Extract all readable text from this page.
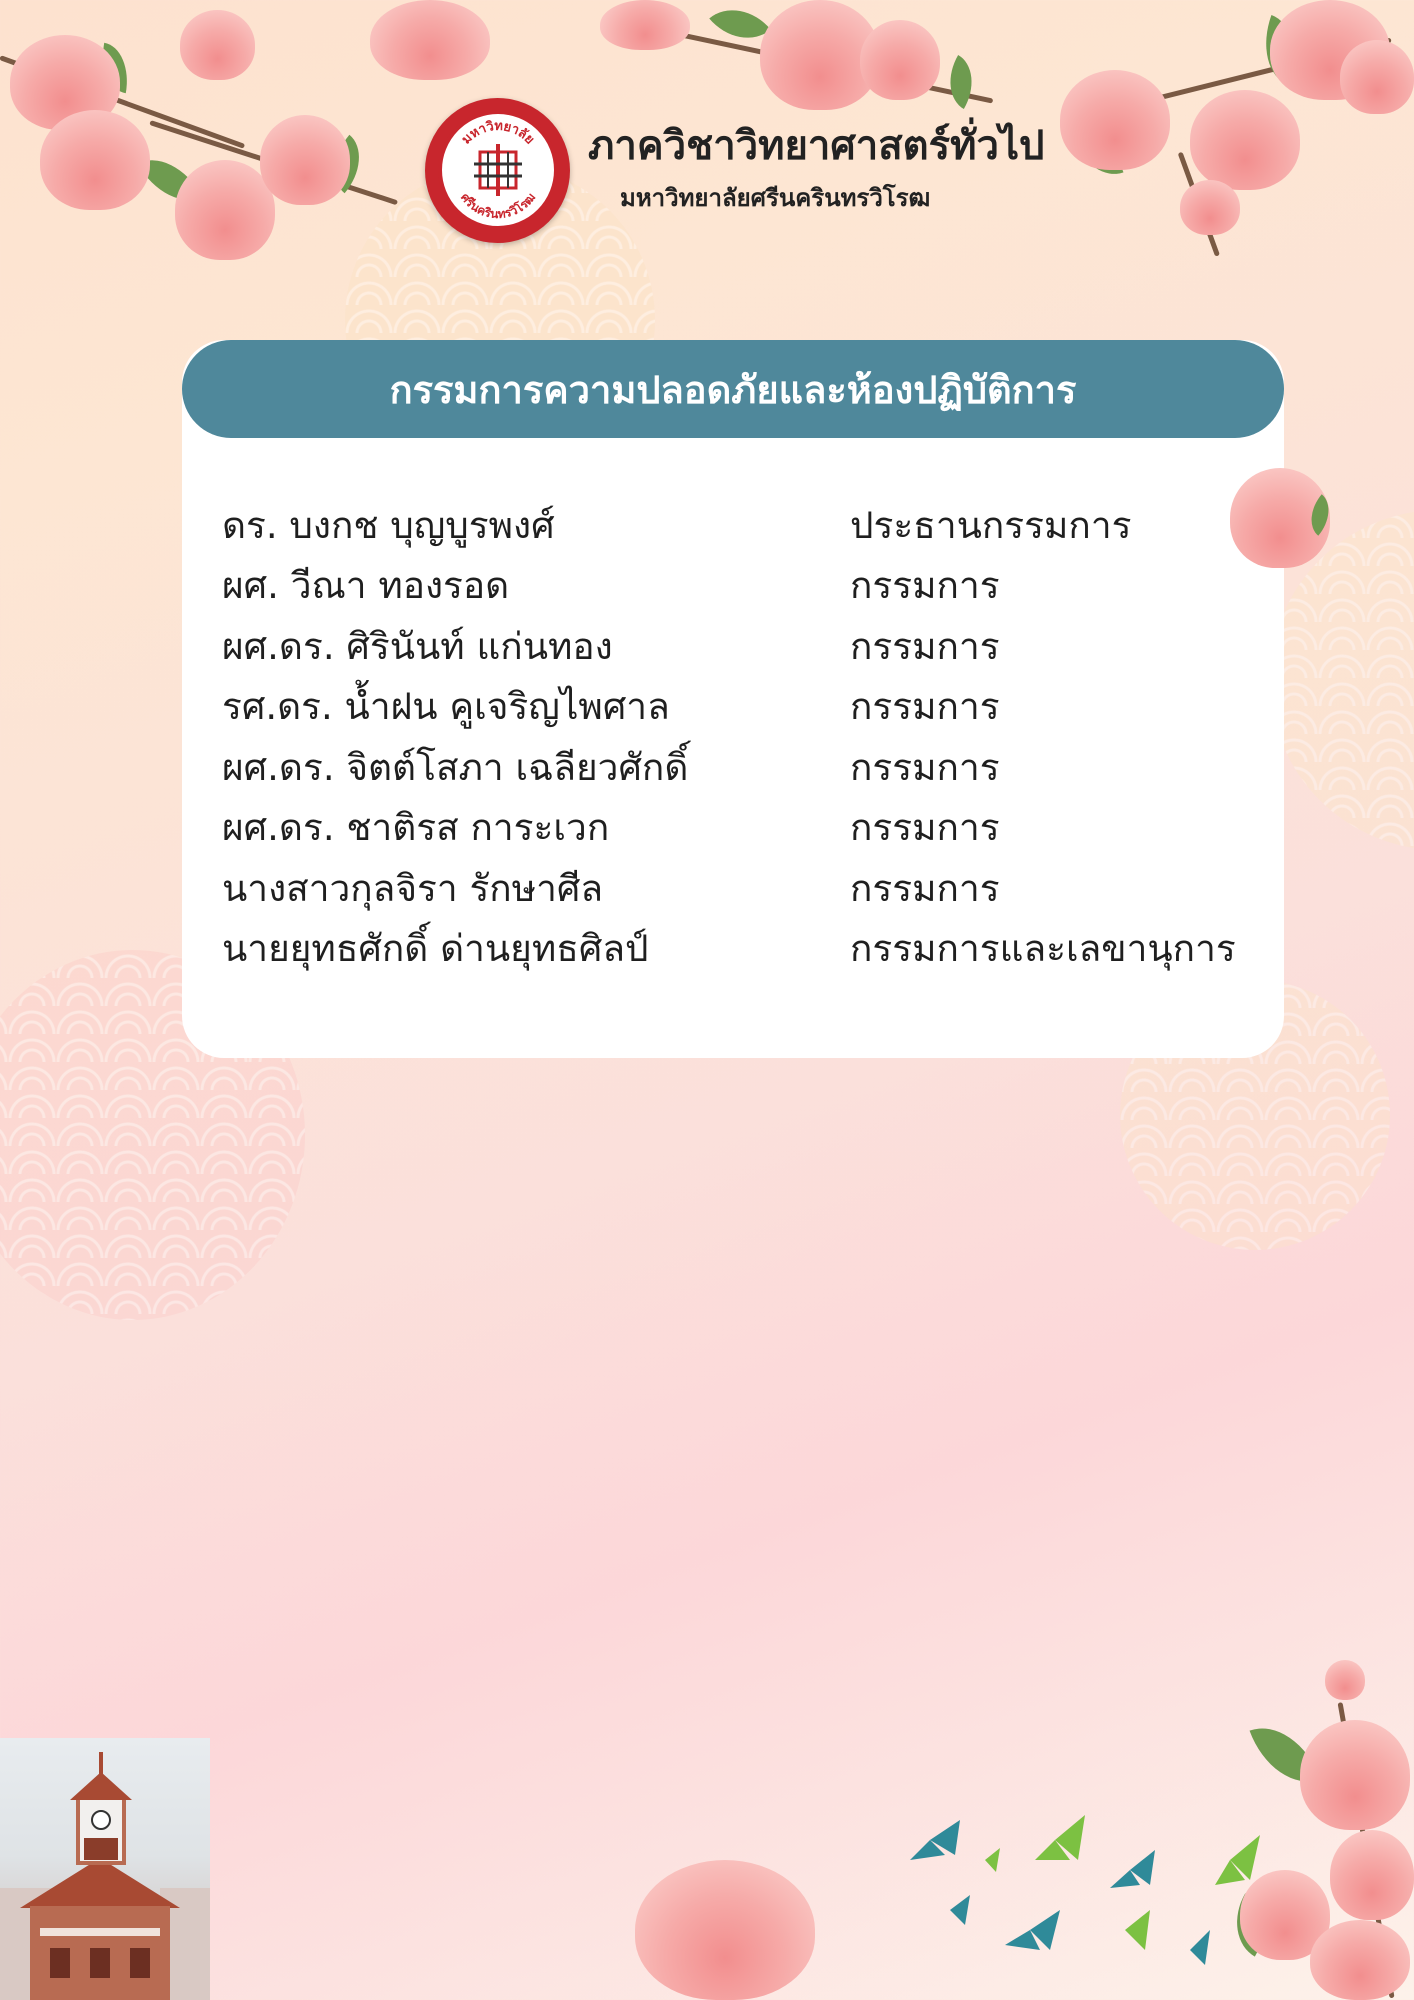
มหาวิทยาลัย
ศรีนครินทรวิโรฒ
ภาควิชาวิทยาศาสตร์ทั่วไป
มหาวิทยาลัยศรีนครินทรวิโรฒ
กรรมการความปลอดภัยและห้องปฏิบัติการ
ดร. บงกช บุญบูรพงศ์	ประธานกรรมการ
ผศ. วีณา ทองรอด	กรรมการ
ผศ.ดร. ศิรินันท์ แก่นทอง	กรรมการ
รศ.ดร. น้ำฝน คูเจริญไพศาล	กรรมการ
ผศ.ดร. จิตต์โสภา เฉลียวศักดิ์	กรรมการ
ผศ.ดร. ชาติรส การะเวก	กรรมการ
นางสาวกุลจิรา รักษาศีล	กรรมการ
นายยุทธศักดิ์ ด่านยุทธศิลป์	กรรมการและเลขานุการ
